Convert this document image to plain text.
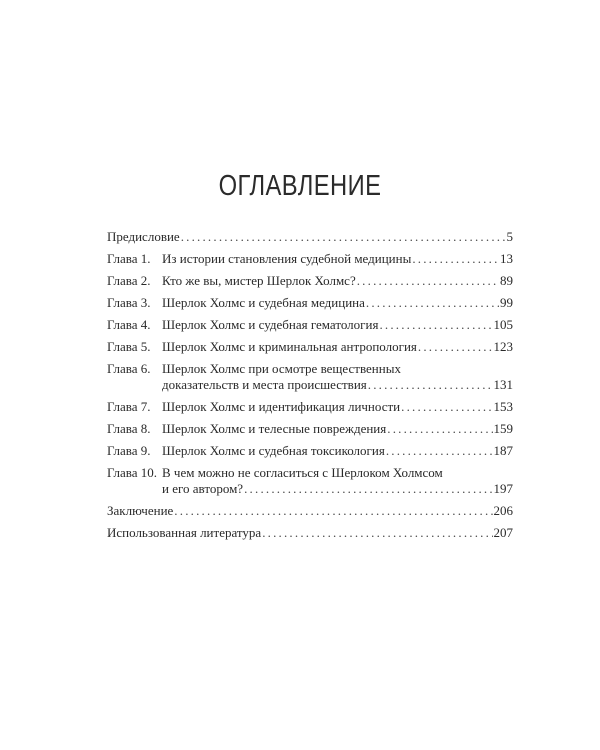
ОГЛАВЛЕНИЕ
Предисловие .....	5
Глава 1. Из истории становления судебной медицины .....	13
Глава 2. Кто же вы, мистер Шерлок Холмс? .....	89
Глава 3. Шерлок Холмс и судебная медицина .....	99
Глава 4. Шерлок Холмс и судебная гематология .....	105
Глава 5. Шерлок Холмс и криминальная антропология .....	123
Глава 6. Шерлок Холмс при осмотре вещественных
доказательств и места происшествия .....	131
Глава 7. Шерлок Холмс и идентификация личности .....	153
Глава 8. Шерлок Холмс и телесные повреждения .....	159
Глава 9. Шерлок Холмс и судебная токсикология .....	187
Глава 10. В чем можно не согласиться с Шерлоком Холмсом
и его автором? .....	197
Заключение .....	206
Использованная литература .....	207
